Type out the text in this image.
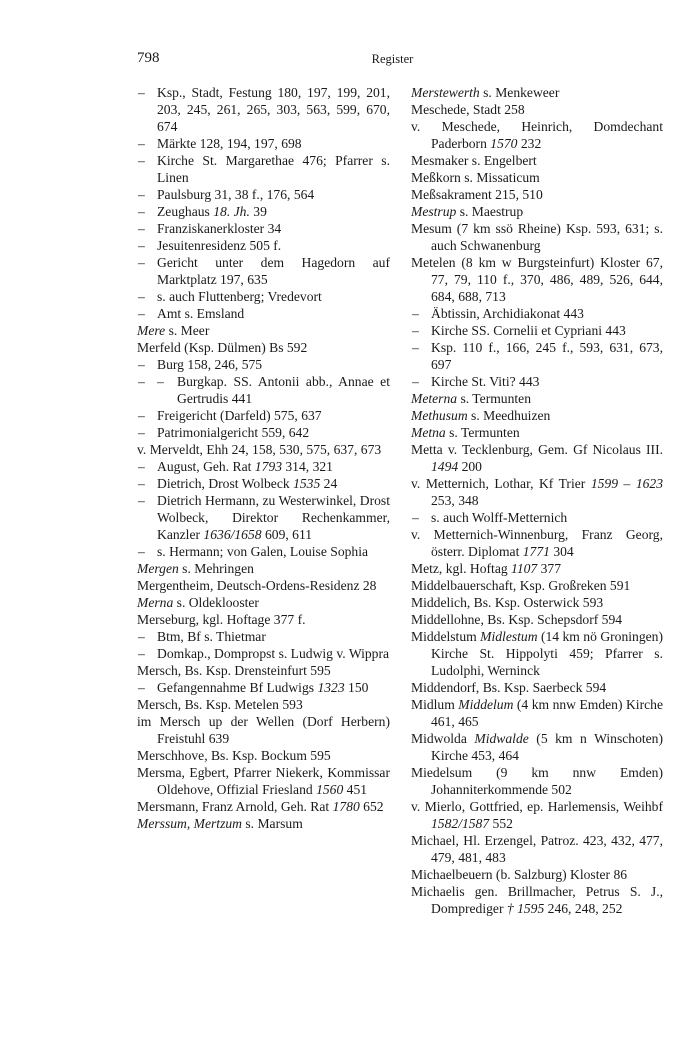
798	Register
– Ksp., Stadt, Festung 180, 197, 199, 201, 203, 245, 261, 265, 303, 563, 599, 670, 674
– Märkte 128, 194, 197, 698
– Kirche St. Margarethae 476; Pfarrer s. Linen
– Paulsburg 31, 38 f., 176, 564
– Zeughaus 18. Jh. 39
– Franziskanerkloster 34
– Jesuitenresidenz 505 f.
– Gericht unter dem Hagedorn auf Marktplatz 197, 635
– s. auch Fluttenberg; Vredevort
– Amt s. Emsland
Mere s. Meer
Merfeld (Ksp. Dülmen) Bs 592
– Burg 158, 246, 575
– – Burgkap. SS. Antonii abb., Annae et Gertrudis 441
– Freigericht (Darfeld) 575, 637
– Patrimonialgericht 559, 642
v. Merveldt, Ehh 24, 158, 530, 575, 637, 673
– August, Geh. Rat 1793 314, 321
– Dietrich, Drost Wolbeck 1535 24
– Dietrich Hermann, zu Westerwinkel, Drost Wolbeck, Direktor Rechenkammer, Kanzler 1636/1658 609, 611
– s. Hermann; von Galen, Louise Sophia
Mergen s. Mehringen
Mergentheim, Deutsch-Ordens-Residenz 28
Merna s. Oldeklooster
Merseburg, kgl. Hoftage 377 f.
– Btm, Bf s. Thietmar
– Domkap., Dompropst s. Ludwig v. Wippra
Mersch, Bs. Ksp. Drensteinfurt 595
– Gefangennahme Bf Ludwigs 1323 150
Mersch, Bs. Ksp. Metelen 593
im Mersch up der Wellen (Dorf Herbern) Freistuhl 639
Merschhove, Bs. Ksp. Bockum 595
Mersma, Egbert, Pfarrer Niekerk, Kommissar Oldehove, Offizial Friesland 1560 451
Mersmann, Franz Arnold, Geh. Rat 1780 652
Merssum, Mertzum s. Marsum
Merstewerth s. Menkeweer
Meschede, Stadt 258
v. Meschede, Heinrich, Domdechant Paderborn 1570 232
Mesmaker s. Engelbert
Meßkorn s. Missaticum
Meßsakrament 215, 510
Mestrup s. Maestrup
Mesum (7 km ssö Rheine) Ksp. 593, 631; s. auch Schwanenburg
Metelen (8 km w Burgsteinfurt) Kloster 67, 77, 79, 110 f., 370, 486, 489, 526, 644, 684, 688, 713
– Äbtissin, Archidiakonat 443
– Kirche SS. Cornelii et Cypriani 443
– Ksp. 110 f., 166, 245 f., 593, 631, 673, 697
– Kirche St. Viti? 443
Meterna s. Termunten
Methusum s. Meedhuizen
Metna s. Termunten
Metta v. Tecklenburg, Gem. Gf Nicolaus III. 1494 200
v. Metternich, Lothar, Kf Trier 1599 – 1623 253, 348
– s. auch Wolff-Metternich
v. Metternich-Winnenburg, Franz Georg, österr. Diplomat 1771 304
Metz, kgl. Hoftag 1107 377
Middelbauerschaft, Ksp. Großreken 591
Middelich, Bs. Ksp. Osterwick 593
Middellohne, Bs. Ksp. Schepsdorf 594
Middelstum Midlestum (14 km nö Groningen) Kirche St. Hippolyti 459; Pfarrer s. Ludolphi, Werninck
Middendorf, Bs. Ksp. Saerbeck 594
Midlum Middelum (4 km nnw Emden) Kirche 461, 465
Midwolda Midwalde (5 km n Winschoten) Kirche 453, 464
Miedelsum (9 km nnw Emden) Johanniterkommende 502
v. Mierlo, Gottfried, ep. Harlemensis, Weihbf 1582/1587 552
Michael, Hl. Erzengel, Patroz. 423, 432, 477, 479, 481, 483
Michaelbeuern (b. Salzburg) Kloster 86
Michaelis gen. Brillmacher, Petrus S. J., Domprediger † 1595 246, 248, 252
